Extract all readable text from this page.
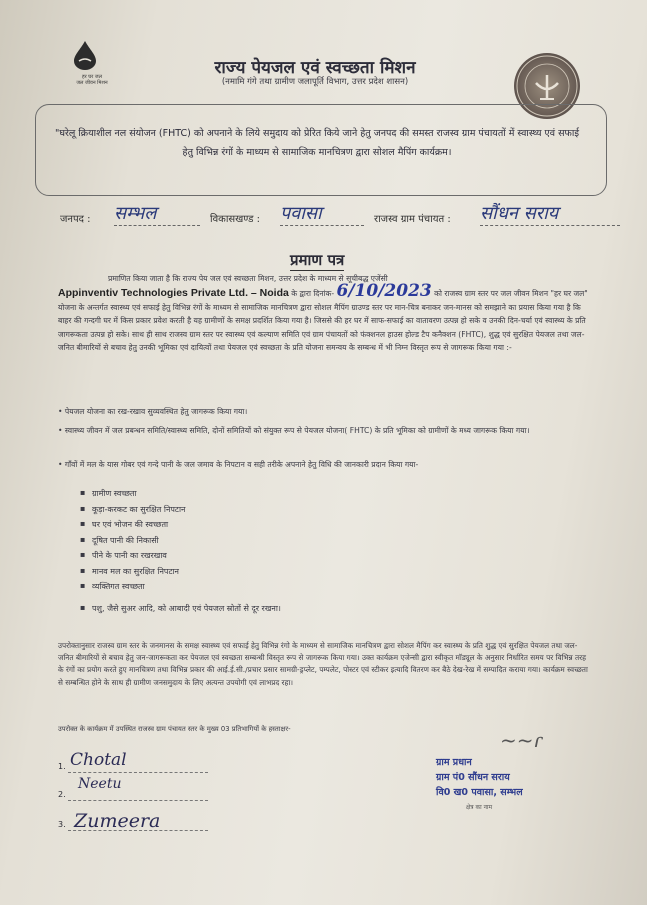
हर घर जल
जल जीवन मिशन
राज्य पेयजल एवं स्वच्छता मिशन
(नमामि गंगे तथा ग्रामीण जलापूर्ति विभाग, उत्तर प्रदेश शासन)
"घरेलू क्रियाशील नल संयोजन (FHTC) को अपनाने के लिये समुदाय को प्रेरित किये जाने हेतु जनपद की समस्त राजस्व ग्राम पंचायतों में स्वास्थ्य एवं सफाई हेतु विभिन्न रंगों के माध्यम से सामाजिक मानचित्रण द्वारा सोशल मैपिंग कार्यक्रम।
जनपद : सम्भल	विकासखण्ड : पवासा	राजस्व ग्राम पंचायत : सौंधन सराय
प्रमाण पत्र
प्रमाणित किया जाता है कि राज्य पेय जल एवं स्वच्छता मिशन, उत्तर प्रदेश के माध्यम से सूचीबद्ध एजेंसी
Appinventiv Technologies Private Ltd. – Noida के द्वारा दिनांक- 6/10/2023 को राजस्व ग्राम स्तर पर जल जीवन मिशन "हर घर जल" योजना के अन्तर्गत स्वास्थ्य एवं सफाई हेतु विभिन्न रंगों के माध्यम से सामाजिक मानचित्रण द्वारा सोशल मैपिंग ग्राउण्ड स्तर पर मान-चित्र बनाकर जन-मानस को समझाने का प्रयास किया गया है कि बाहर की गन्दगी घर में किस प्रकार प्रवेश करती है यह ग्रामीणों के समक्ष प्रदर्शित किया गया है। जिससे की हर घर में साफ-सफाई का वातावरण उत्पन्न हो सके व उनकी दिन-चर्या एवं स्वास्थ्य के प्रति जागरूकता उत्पन्न हो सके। साथ ही साथ राजस्व ग्राम स्तर पर स्वास्थ्य एवं कल्याण समिति एवं ग्राम पंचायतों को फंक्शनल हाउस होल्ड टैप कनैक्शन (FHTC), शुद्ध एवं सुरक्षित पेयजल तथा जल-जनित बीमारियों से बचाव हेतु उनकी भूमिका एवं दायित्वों तथा पेयजल एवं स्वच्छता के प्रति योजना समन्वय के सम्बन्ध में भी निम्न विस्तृत रूप से जागरूक किया गया :-
• पेयजल योजना का रख-रखाव सुव्यवस्थित हेतु जागरूक किया गया।
• स्वास्थ्य जीवन में जल प्रबन्धन समिति/स्वास्थ्य समिति, दोनों समितियों को संयुक्त रूप से पेयजल योजना( FHTC) के प्रति भूमिका को ग्रामीणों के मध्य जागरूक किया गया।
• गाँवों में मल के यास गोबर एवं गन्दे पानी के जल जमाव के निपटान व सही तरीके अपनाने हेतु विधि की जानकारी प्रदान किया गया-
▪ ग्रामीण स्वच्छता
▪ कूड़ा-करकट का सुरक्षित निपटान
▪ घर एवं भोजन की स्वच्छता
▪ दूषित पानी की निकासी
▪ पीने के पानी का रखरखाव
▪ मानव मल का सुरक्षित निपटान
▪ व्यक्तिगत स्वच्छता
▪ पशु, जैसे सुअर आदि, को आबादी एवं पेयजल स्रोतों से दूर रखना।
उपरोक्तानुसार राजस्व ग्राम स्तर के जनमानस के समक्ष स्वास्थ्य एवं सफाई हेतु विभिन्न रंगो के माध्यम से सामाजिक मानचित्रण द्वारा सोशल मैपिंग कर स्वास्थ्य के प्रति शुद्ध एवं सुरक्षित पेयजल तथा जल-जनित बीमारियों से बचाव हेतु जन-जागरूकता कर पेयजल एवं स्वच्छता सम्बन्धी विस्तृत रूप से जागरूक किया गया। उक्त कार्यक्रम एजेन्सी द्वारा स्वीकृत मॉड्यूल के अनुसार निर्धारित समय पर विभिन्न तरह के रंगों का प्रयोग करते हुए मानचित्रण तथा विभिन्न प्रकार की आई.ई.सी./प्रचार प्रसार सामग्री-ड्रप्लेट, पम्पलेट, पोस्टर एवं स्टीकर इत्यादि वितरण कर बैठे देख-रेख में सम्पादित कराया गया। कार्यक्रम स्वच्छता से सम्बन्धित होने के साथ ही ग्रामीण जनसमुदाय के लिए अत्यन्त उपयोगी एवं लाभप्रद रहा।
उपरोक्त के कार्यक्रम में उपस्थित राजस्व ग्राम पंचायत स्तर के मुख्य 03 प्रतिभागियों के हस्ताक्षर-
1.
2.
3.
Chotal
Neetu
Zumeera
~~ɾ
ग्राम प्रधान
ग्राम पं0 सौंधन सराय
वि0 ख0 पवासा, सम्भल
क्षेत्र का नाम
